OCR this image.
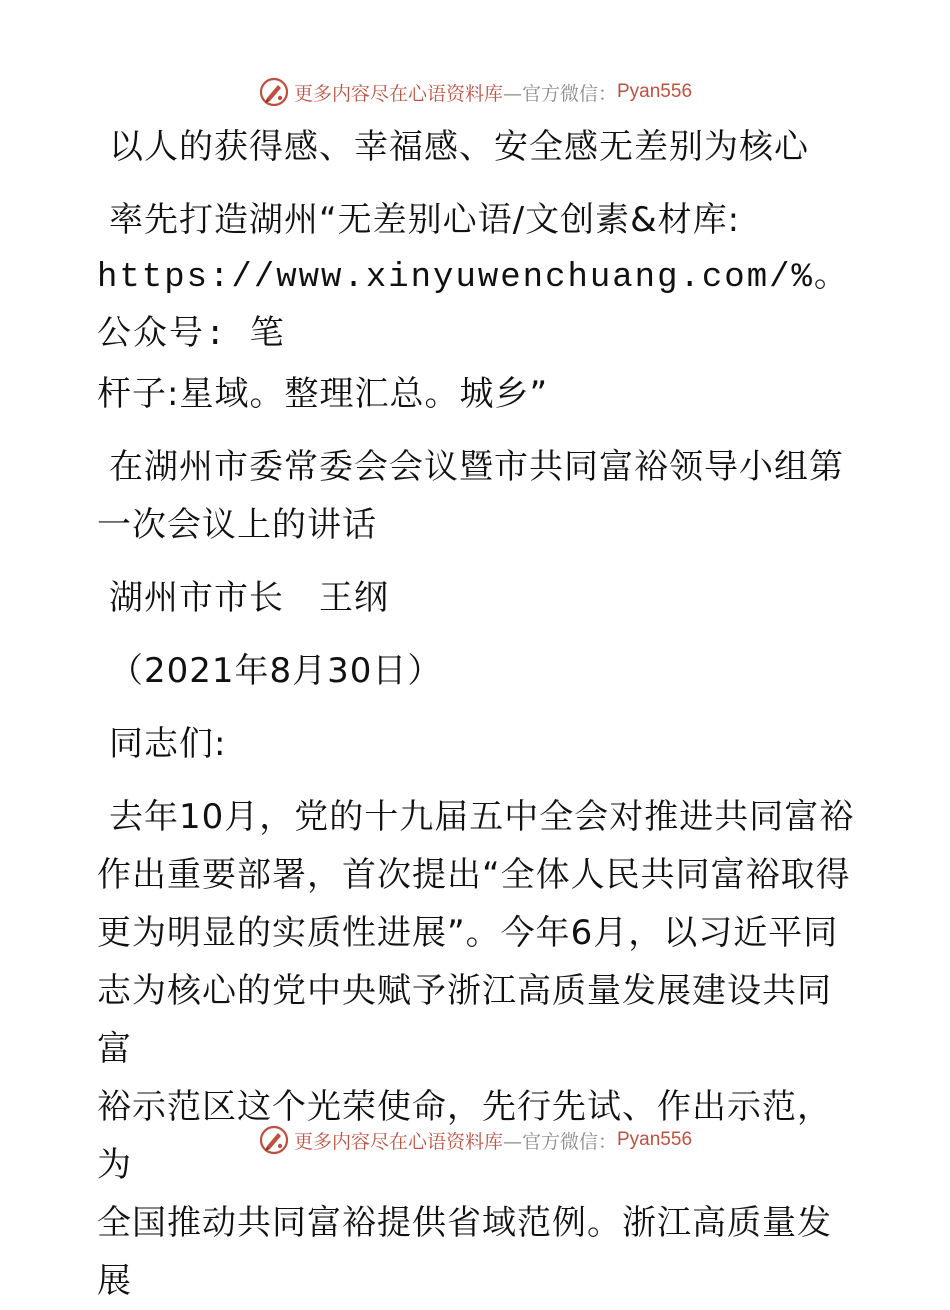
更多内容尽在心语资料库 —官方微信： Pyan556

以人的获得感、幸福感、安全感无差别为核心

率先打造湖州“无差别心语/文创素&材库:

https://www.xinyuwenchuang.com/%。公众号: 笔

杆子:星域。整理汇总。城乡”

在湖州市委常委会会议暨市共同富裕领导小组第

一次会议上的讲话

湖州市市长　王纲

（2021年8月30日）

同志们:

去年10月，党的十九届五中全会对推进共同富裕

作出重要部署，首次提出“全体人民共同富裕取得

更为明显的实质性进展”。今年6月，以习近平同

志为核心的党中央赋予浙江高质量发展建设共同富

裕示范区这个光荣使命，先行先试、作出示范，为

全国推动共同富裕提供省域范例。浙江高质量发展

更多内容尽在心语资料库 —官方微信： Pyan556
